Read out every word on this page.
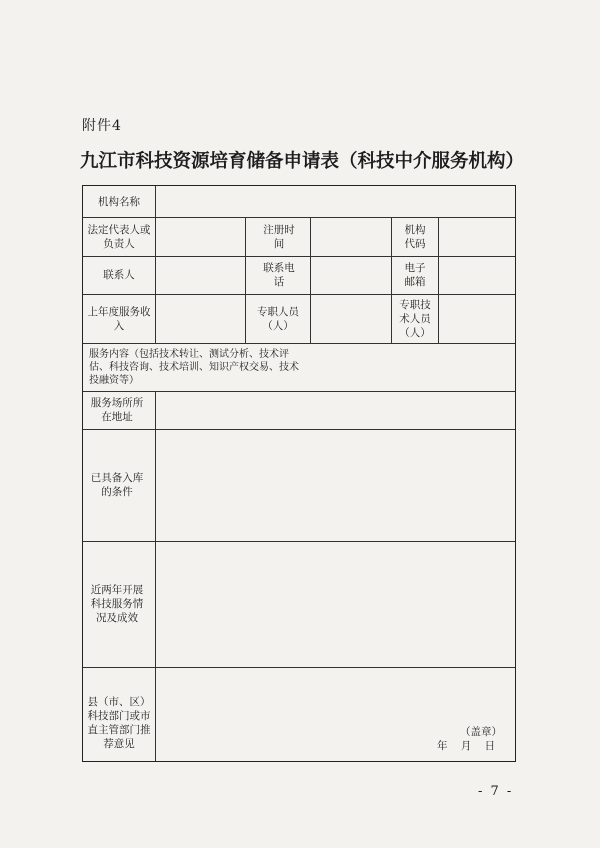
附件4
九江市科技资源培育储备申请表（科技中介服务机构）
机构名称
法定代表人或负责人
注册时间
机构代码
联系人
联系电话
电子邮箱
上年度服务收入
专职人员（人）
专职技术人员（人）
服务内容（包括技术转让、测试分析、技术评估、科技咨询、技术培训、知识产权交易、技术投融资等）
服务场所所在地址
已具备入库的条件
近两年开展科技服务情况及成效
县（市、区）科技部门或市直主管部门推荐意见
（盖章）
年 月 日
- 7 -
